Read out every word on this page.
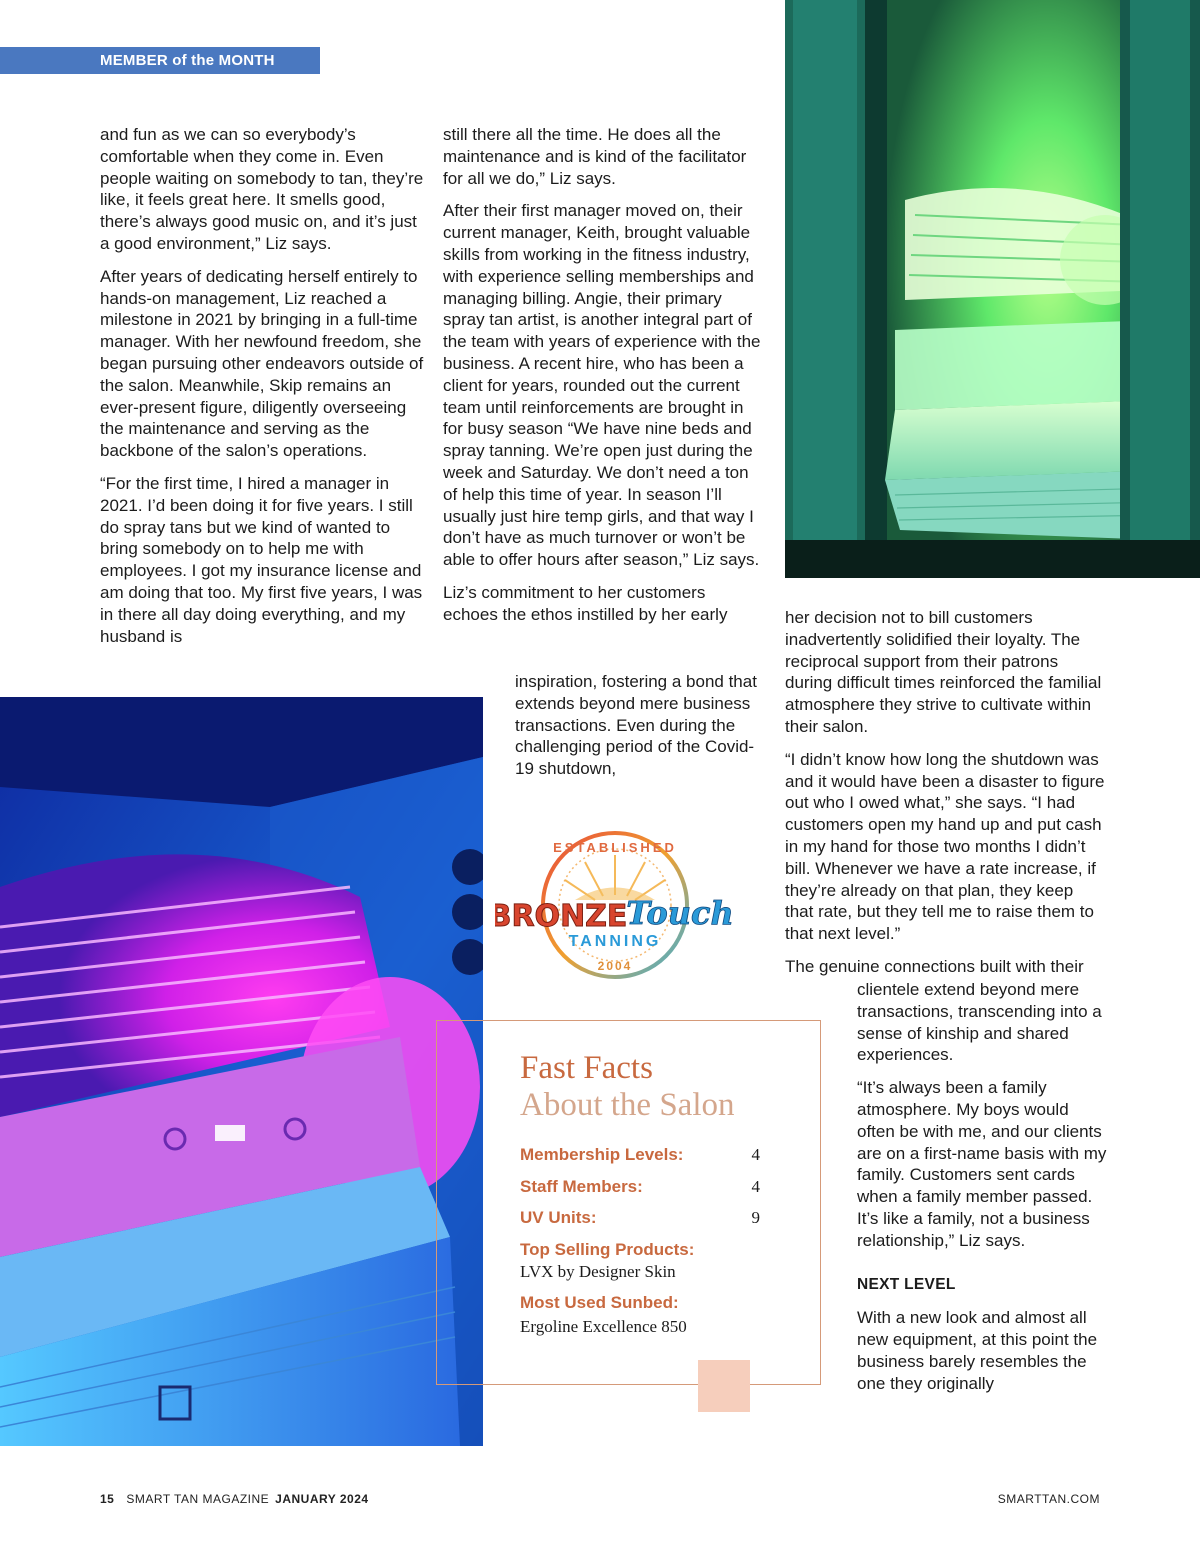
MEMBER of the MONTH

and fun as we can so everybody’s comfortable when they come in. Even people waiting on somebody to tan, they’re like, it feels great here. It smells good, there’s always good music on, and it’s just a good environment,” Liz says.

After years of dedicating herself entirely to hands-on management, Liz reached a milestone in 2021 by bringing in a full-time manager. With her newfound freedom, she began pursuing other endeavors outside of the salon. Meanwhile, Skip remains an ever-present figure, diligently overseeing the maintenance and serving as the backbone of the salon’s operations.

“For the first time, I hired a manager in 2021. I’d been doing it for five years. I still do spray tans but we kind of wanted to bring somebody on to help me with employees. I got my insurance license and am doing that too. My first five years, I was in there all day doing everything, and my husband is

still there all the time. He does all the maintenance and is kind of the facilitator for all we do,” Liz says.

After their first manager moved on, their current manager, Keith, brought valuable skills from working in the fitness industry, with experience selling memberships and managing billing. Angie, their primary spray tan artist, is another integral part of the team with years of experience with the business. A recent hire, who has been a client for years, rounded out the current team until reinforcements are brought in for busy season “We have nine beds and spray tanning. We’re open just during the week and Saturday. We don’t need a ton of help this time of year. In season I’ll usually just hire temp girls, and that way I don’t have as much turnover or won’t be able to offer hours after season,” Liz says.

Liz’s commitment to her customers echoes the ethos instilled by her early

inspiration, fostering a bond that extends beyond mere business transactions. Even during the challenging period of the Covid-19 shutdown,

ESTABLISHED
BRONZE
Touch
TANNING
2004
Fast Facts
About the Salon
Membership Levels:	4
Staff Members:	4
UV Units:	9
Top Selling Products:
LVX by Designer Skin
Most Used Sunbed:
Ergoline Excellence 850

her decision not to bill customers inadvertently solidified their loyalty. The reciprocal support from their patrons during difficult times reinforced the familial atmosphere they strive to cultivate within their salon.

“I didn’t know how long the shutdown was and it would have been a disaster to figure out who I owed what,” she says. “I had customers open my hand up and put cash in my hand for those two months I didn’t bill. Whenever we have a rate increase, if they’re already on that plan, they keep that rate, but they tell me to raise them to that next level.”

The genuine connections built with their

clientele extend beyond mere transactions, transcending into a sense of kinship and shared experiences.

“It’s always been a family atmosphere. My boys would often be with me, and our clients are on a first-name basis with my family. Customers sent cards when a family member passed. It’s like a family, not a business relationship,” Liz says.

NEXT LEVEL

With a new look and almost all new equipment, at this point the business barely resembles the one they originally

15 SMART TAN MAGAZINE JANUARY 2024	SMARTTAN.COM
